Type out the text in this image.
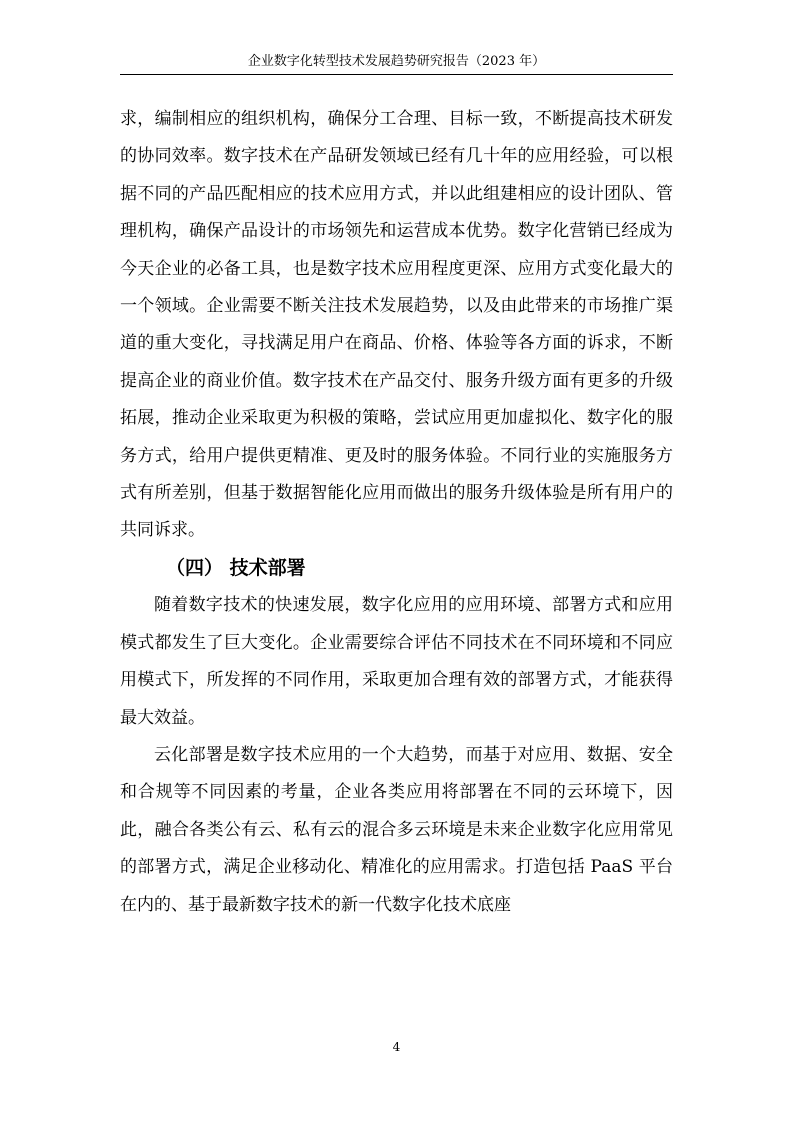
企业数字化转型技术发展趋势研究报告（2023 年）

求，编制相应的组织机构，确保分工合理、目标一致，不断提高技术研发的协同效率。数字技术在产品研发领域已经有几十年的应用经验，可以根据不同的产品匹配相应的技术应用方式，并以此组建相应的设计团队、管理机构，确保产品设计的市场领先和运营成本优势。数字化营销已经成为今天企业的必备工具，也是数字技术应用程度更深、应用方式变化最大的一个领域。企业需要不断关注技术发展趋势，以及由此带来的市场推广渠道的重大变化，寻找满足用户在商品、价格、体验等各方面的诉求，不断提高企业的商业价值。数字技术在产品交付、服务升级方面有更多的升级拓展，推动企业采取更为积极的策略，尝试应用更加虚拟化、数字化的服务方式，给用户提供更精准、更及时的服务体验。不同行业的实施服务方式有所差别，但基于数据智能化应用而做出的服务升级体验是所有用户的共同诉求。

（四） 技术部署

随着数字技术的快速发展，数字化应用的应用环境、部署方式和应用模式都发生了巨大变化。企业需要综合评估不同技术在不同环境和不同应用模式下，所发挥的不同作用，采取更加合理有效的部署方式，才能获得最大效益。

云化部署是数字技术应用的一个大趋势，而基于对应用、数据、安全和合规等不同因素的考量，企业各类应用将部署在不同的云环境下，因此，融合各类公有云、私有云的混合多云环境是未来企业数字化应用常见的部署方式，满足企业移动化、精准化的应用需求。打造包括 PaaS 平台在内的、基于最新数字技术的新一代数字化技术底座

4
